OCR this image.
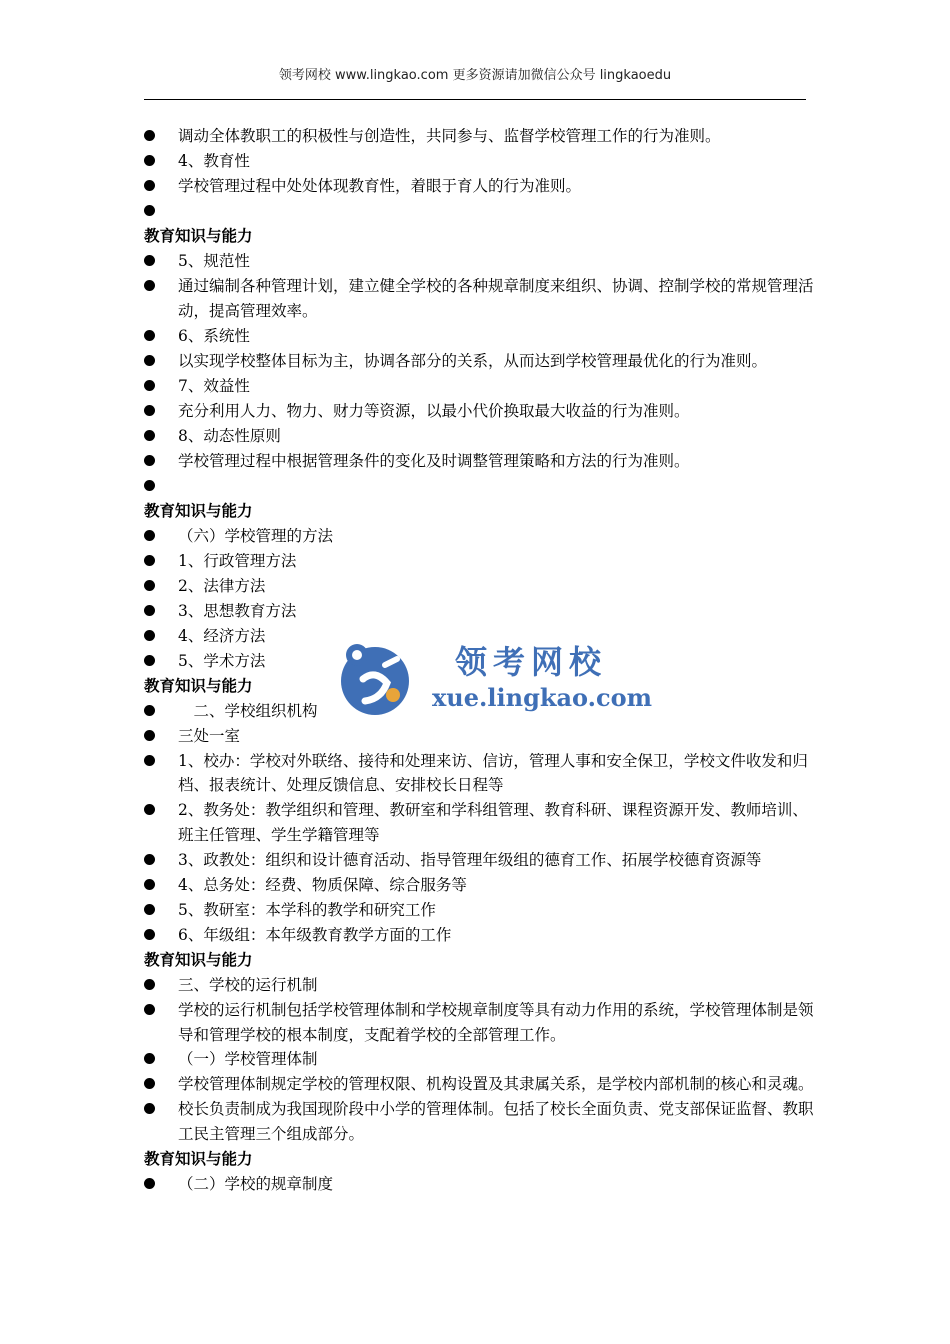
领考网校 www.lingkao.com 更多资源请加微信公众号 lingkaoedu
调动全体教职工的积极性与创造性，共同参与、监督学校管理工作的行为准则。
4、教育性
学校管理过程中处处体现教育性，着眼于育人的行为准则。
教育知识与能力
5、规范性
通过编制各种管理计划，建立健全学校的各种规章制度来组织、协调、控制学校的常规管理活动，提高管理效率。
6、系统性
以实现学校整体目标为主，协调各部分的关系，从而达到学校管理最优化的行为准则。
7、效益性
充分利用人力、物力、财力等资源，以最小代价换取最大收益的行为准则。
8、动态性原则
学校管理过程中根据管理条件的变化及时调整管理策略和方法的行为准则。
教育知识与能力
（六）学校管理的方法
1、行政管理方法
2、法律方法
3、思想教育方法
4、经济方法
5、学术方法
教育知识与能力
　二、学校组织机构
三处一室
1、校办：学校对外联络、接待和处理来访、信访，管理人事和安全保卫，学校文件收发和归档、报表统计、处理反馈信息、安排校长日程等
2、教务处：教学组织和管理、教研室和学科组管理、教育科研、课程资源开发、教师培训、班主任管理、学生学籍管理等
3、政教处：组织和设计德育活动、指导管理年级组的德育工作、拓展学校德育资源等
4、总务处：经费、物质保障、综合服务等
5、教研室：本学科的教学和研究工作
6、年级组：本年级教育教学方面的工作
教育知识与能力
三、学校的运行机制
学校的运行机制包括学校管理体制和学校规章制度等具有动力作用的系统，学校管理体制是领导和管理学校的根本制度，支配着学校的全部管理工作。
（一）学校管理体制
学校管理体制规定学校的管理权限、机构设置及其隶属关系，是学校内部机制的核心和灵魂。
校长负责制成为我国现阶段中小学的管理体制。包括了校长全面负责、党支部保证监督、教职工民主管理三个组成部分。
教育知识与能力
（二）学校的规章制度
领考网校
xue.lingkao.com
